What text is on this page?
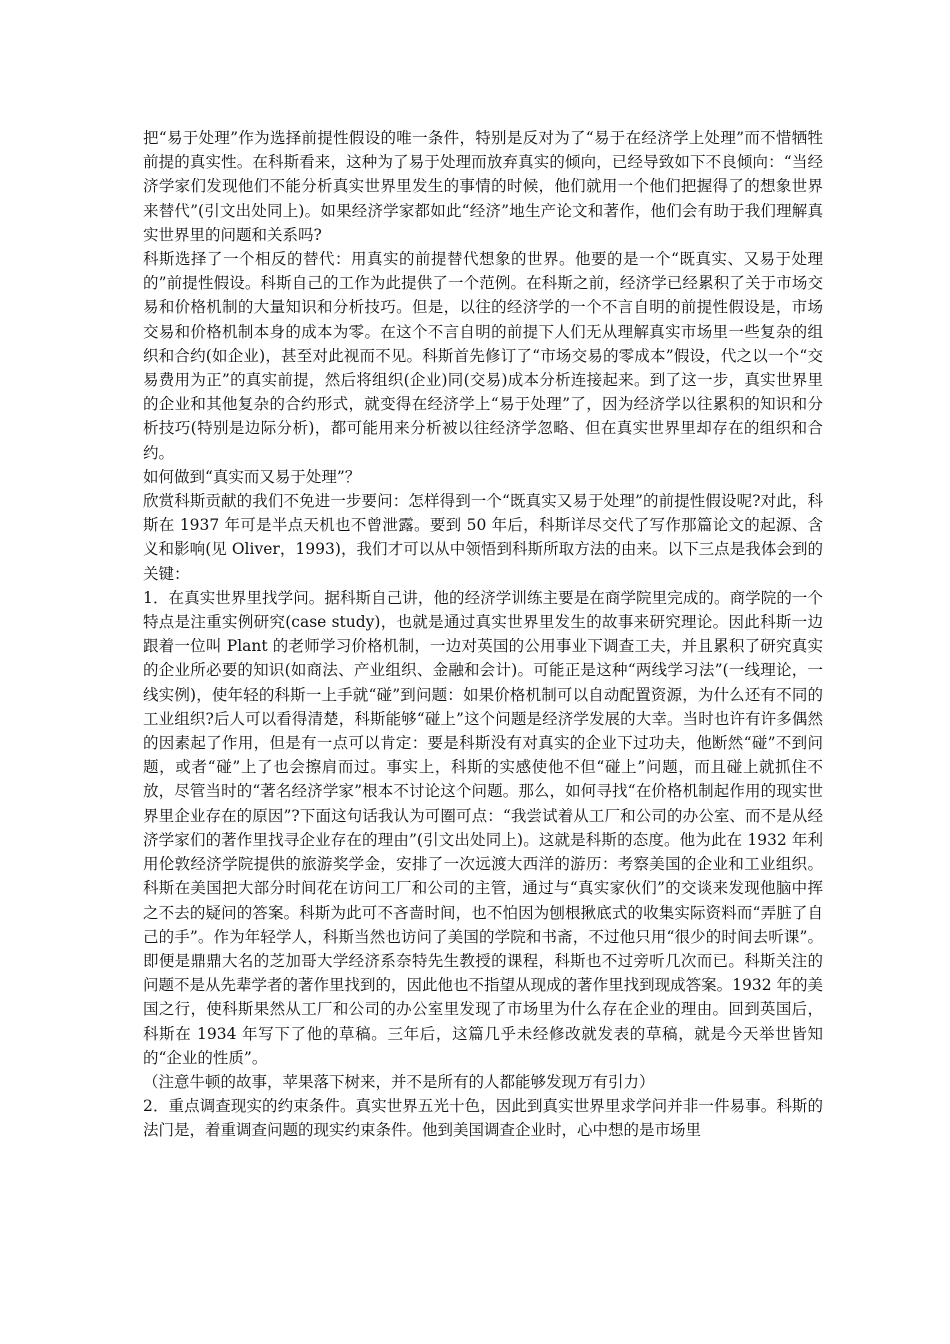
把“易于处理”作为选择前提性假设的唯一条件，特别是反对为了“易于在经济学上处理”而不惜牺牲前提的真实性。在科斯看来，这种为了易于处理而放弃真实的倾向，已经导致如下不良倾向：“当经济学家们发现他们不能分析真实世界里发生的事情的时候，他们就用一个他们把握得了的想象世界来替代”(引文出处同上)。如果经济学家都如此“经济”地生产论文和著作，他们会有助于我们理解真实世界里的问题和关系吗?

科斯选择了一个相反的替代：用真实的前提替代想象的世界。他要的是一个“既真实、又易于处理的”前提性假设。科斯自己的工作为此提供了一个范例。在科斯之前，经济学已经累积了关于市场交易和价格机制的大量知识和分析技巧。但是，以往的经济学的一个不言自明的前提性假设是，市场交易和价格机制本身的成本为零。在这个不言自明的前提下人们无从理解真实市场里一些复杂的组织和合约(如企业)，甚至对此视而不见。科斯首先修订了“市场交易的零成本”假设，代之以一个“交易费用为正”的真实前提，然后将组织(企业)同(交易)成本分析连接起来。到了这一步，真实世界里的企业和其他复杂的合约形式，就变得在经济学上“易于处理”了，因为经济学以往累积的知识和分析技巧(特别是边际分析)，都可能用来分析被以往经济学忽略、但在真实世界里却存在的组织和合约。

如何做到“真实而又易于处理”？

欣赏科斯贡献的我们不免进一步要问：怎样得到一个“既真实又易于处理”的前提性假设呢?对此，科斯在 1937 年可是半点天机也不曾泄露。要到 50 年后，科斯详尽交代了写作那篇论文的起源、含义和影响(见 Oliver，1993)，我们才可以从中领悟到科斯所取方法的由来。以下三点是我体会到的关键：

1．在真实世界里找学问。据科斯自己讲，他的经济学训练主要是在商学院里完成的。商学院的一个特点是注重实例研究(case study)，也就是通过真实世界里发生的故事来研究理论。因此科斯一边跟着一位叫 Plant 的老师学习价格机制，一边对英国的公用事业下调查工夫，并且累积了研究真实的企业所必要的知识(如商法、产业组织、金融和会计)。可能正是这种“两线学习法”(一线理论，一线实例)，使年轻的科斯一上手就“碰”到问题：如果价格机制可以自动配置资源，为什么还有不同的工业组织?后人可以看得清楚，科斯能够“碰上”这个问题是经济学发展的大幸。当时也许有许多偶然的因素起了作用，但是有一点可以肯定：要是科斯没有对真实的企业下过功夫，他断然“碰”不到问题，或者“碰”上了也会擦肩而过。事实上，科斯的实感使他不但“碰上”问题，而且碰上就抓住不放，尽管当时的“著名经济学家”根本不讨论这个问题。那么，如何寻找“在价格机制起作用的现实世界里企业存在的原因”?下面这句话我认为可圈可点：“我尝试着从工厂和公司的办公室、而不是从经济学家们的著作里找寻企业存在的理由”(引文出处同上)。这就是科斯的态度。他为此在 1932 年利用伦敦经济学院提供的旅游奖学金，安排了一次远渡大西洋的游历：考察美国的企业和工业组织。科斯在美国把大部分时间花在访问工厂和公司的主管，通过与“真实家伙们”的交谈来发现他脑中挥之不去的疑问的答案。科斯为此可不吝啬时间，也不怕因为刨根揪底式的收集实际资料而“弄脏了自己的手”。作为年轻学人，科斯当然也访问了美国的学院和书斋，不过他只用“很少的时间去听课”。即便是鼎鼎大名的芝加哥大学经济系奈特先生教授的课程，科斯也不过旁听几次而已。科斯关注的问题不是从先辈学者的著作里找到的，因此他也不指望从现成的著作里找到现成答案。1932 年的美国之行，使科斯果然从工厂和公司的办公室里发现了市场里为什么存在企业的理由。回到英国后，科斯在 1934 年写下了他的草稿。三年后，这篇几乎未经修改就发表的草稿，就是今天举世皆知的“企业的性质”。

（注意牛顿的故事，苹果落下树来，并不是所有的人都能够发现万有引力）

2．重点调查现实的约束条件。真实世界五光十色，因此到真实世界里求学问并非一件易事。科斯的法门是，着重调查问题的现实约束条件。他到美国调查企业时，心中想的是市场里
